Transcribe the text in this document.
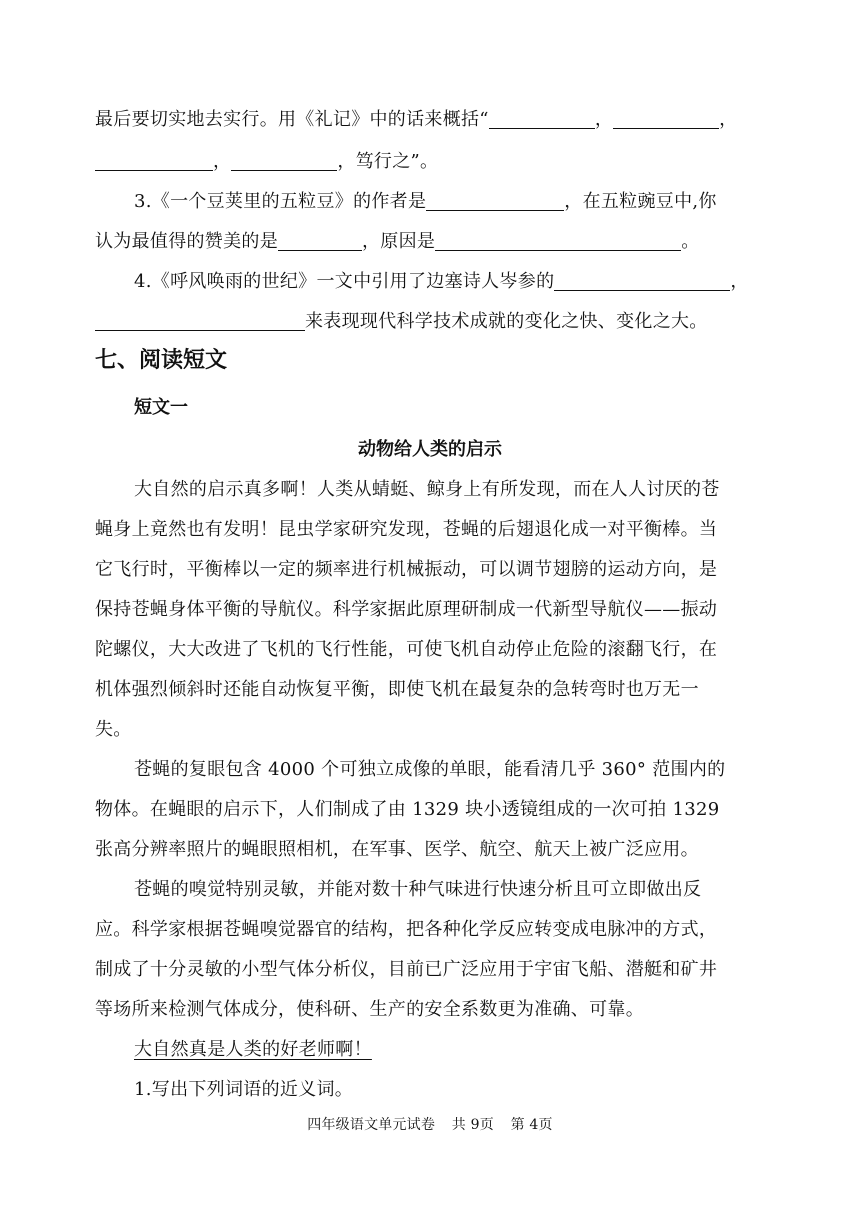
最后要切实地去实行。用《礼记》中的话来概括“	，	，
，	，笃行之”。
3.《一个豆荚里的五粒豆》的作者是	，在五粒豌豆中,你
认为最值得的赞美的是	，原因是	。
4.《呼风唤雨的世纪》一文中引用了边塞诗人岑参的	，
来表现现代科学技术成就的变化之快、变化之大。
七、阅读短文
短文一
动物给人类的启示
大自然的启示真多啊！人类从蜻蜓、鲸身上有所发现，而在人人讨厌的苍
蝇身上竟然也有发明！昆虫学家研究发现，苍蝇的后翅退化成一对平衡棒。当
它飞行时，平衡棒以一定的频率进行机械振动，可以调节翅膀的运动方向，是
保持苍蝇身体平衡的导航仪。科学家据此原理研制成一代新型导航仪——振动
陀螺仪，大大改进了飞机的飞行性能，可使飞机自动停止危险的滚翻飞行，在
机体强烈倾斜时还能自动恢复平衡，即使飞机在最复杂的急转弯时也万无一
失。
苍蝇的复眼包含 4000 个可独立成像的单眼，能看清几乎 360° 范围内的
物体。在蝇眼的启示下，人们制成了由 1329 块小透镜组成的一次可拍 1329
张高分辨率照片的蝇眼照相机，在军事、医学、航空、航天上被广泛应用。
苍蝇的嗅觉特别灵敏，并能对数十种气味进行快速分析且可立即做出反
应。科学家根据苍蝇嗅觉器官的结构，把各种化学反应转变成电脉冲的方式，
制成了十分灵敏的小型气体分析仪，目前已广泛应用于宇宙飞船、潜艇和矿井
等场所来检测气体成分，使科研、生产的安全系数更为准确、可靠。
大自然真是人类的好老师啊！
1.写出下列词语的近义词。
四年级语文单元试卷 共 9页 第 4页
